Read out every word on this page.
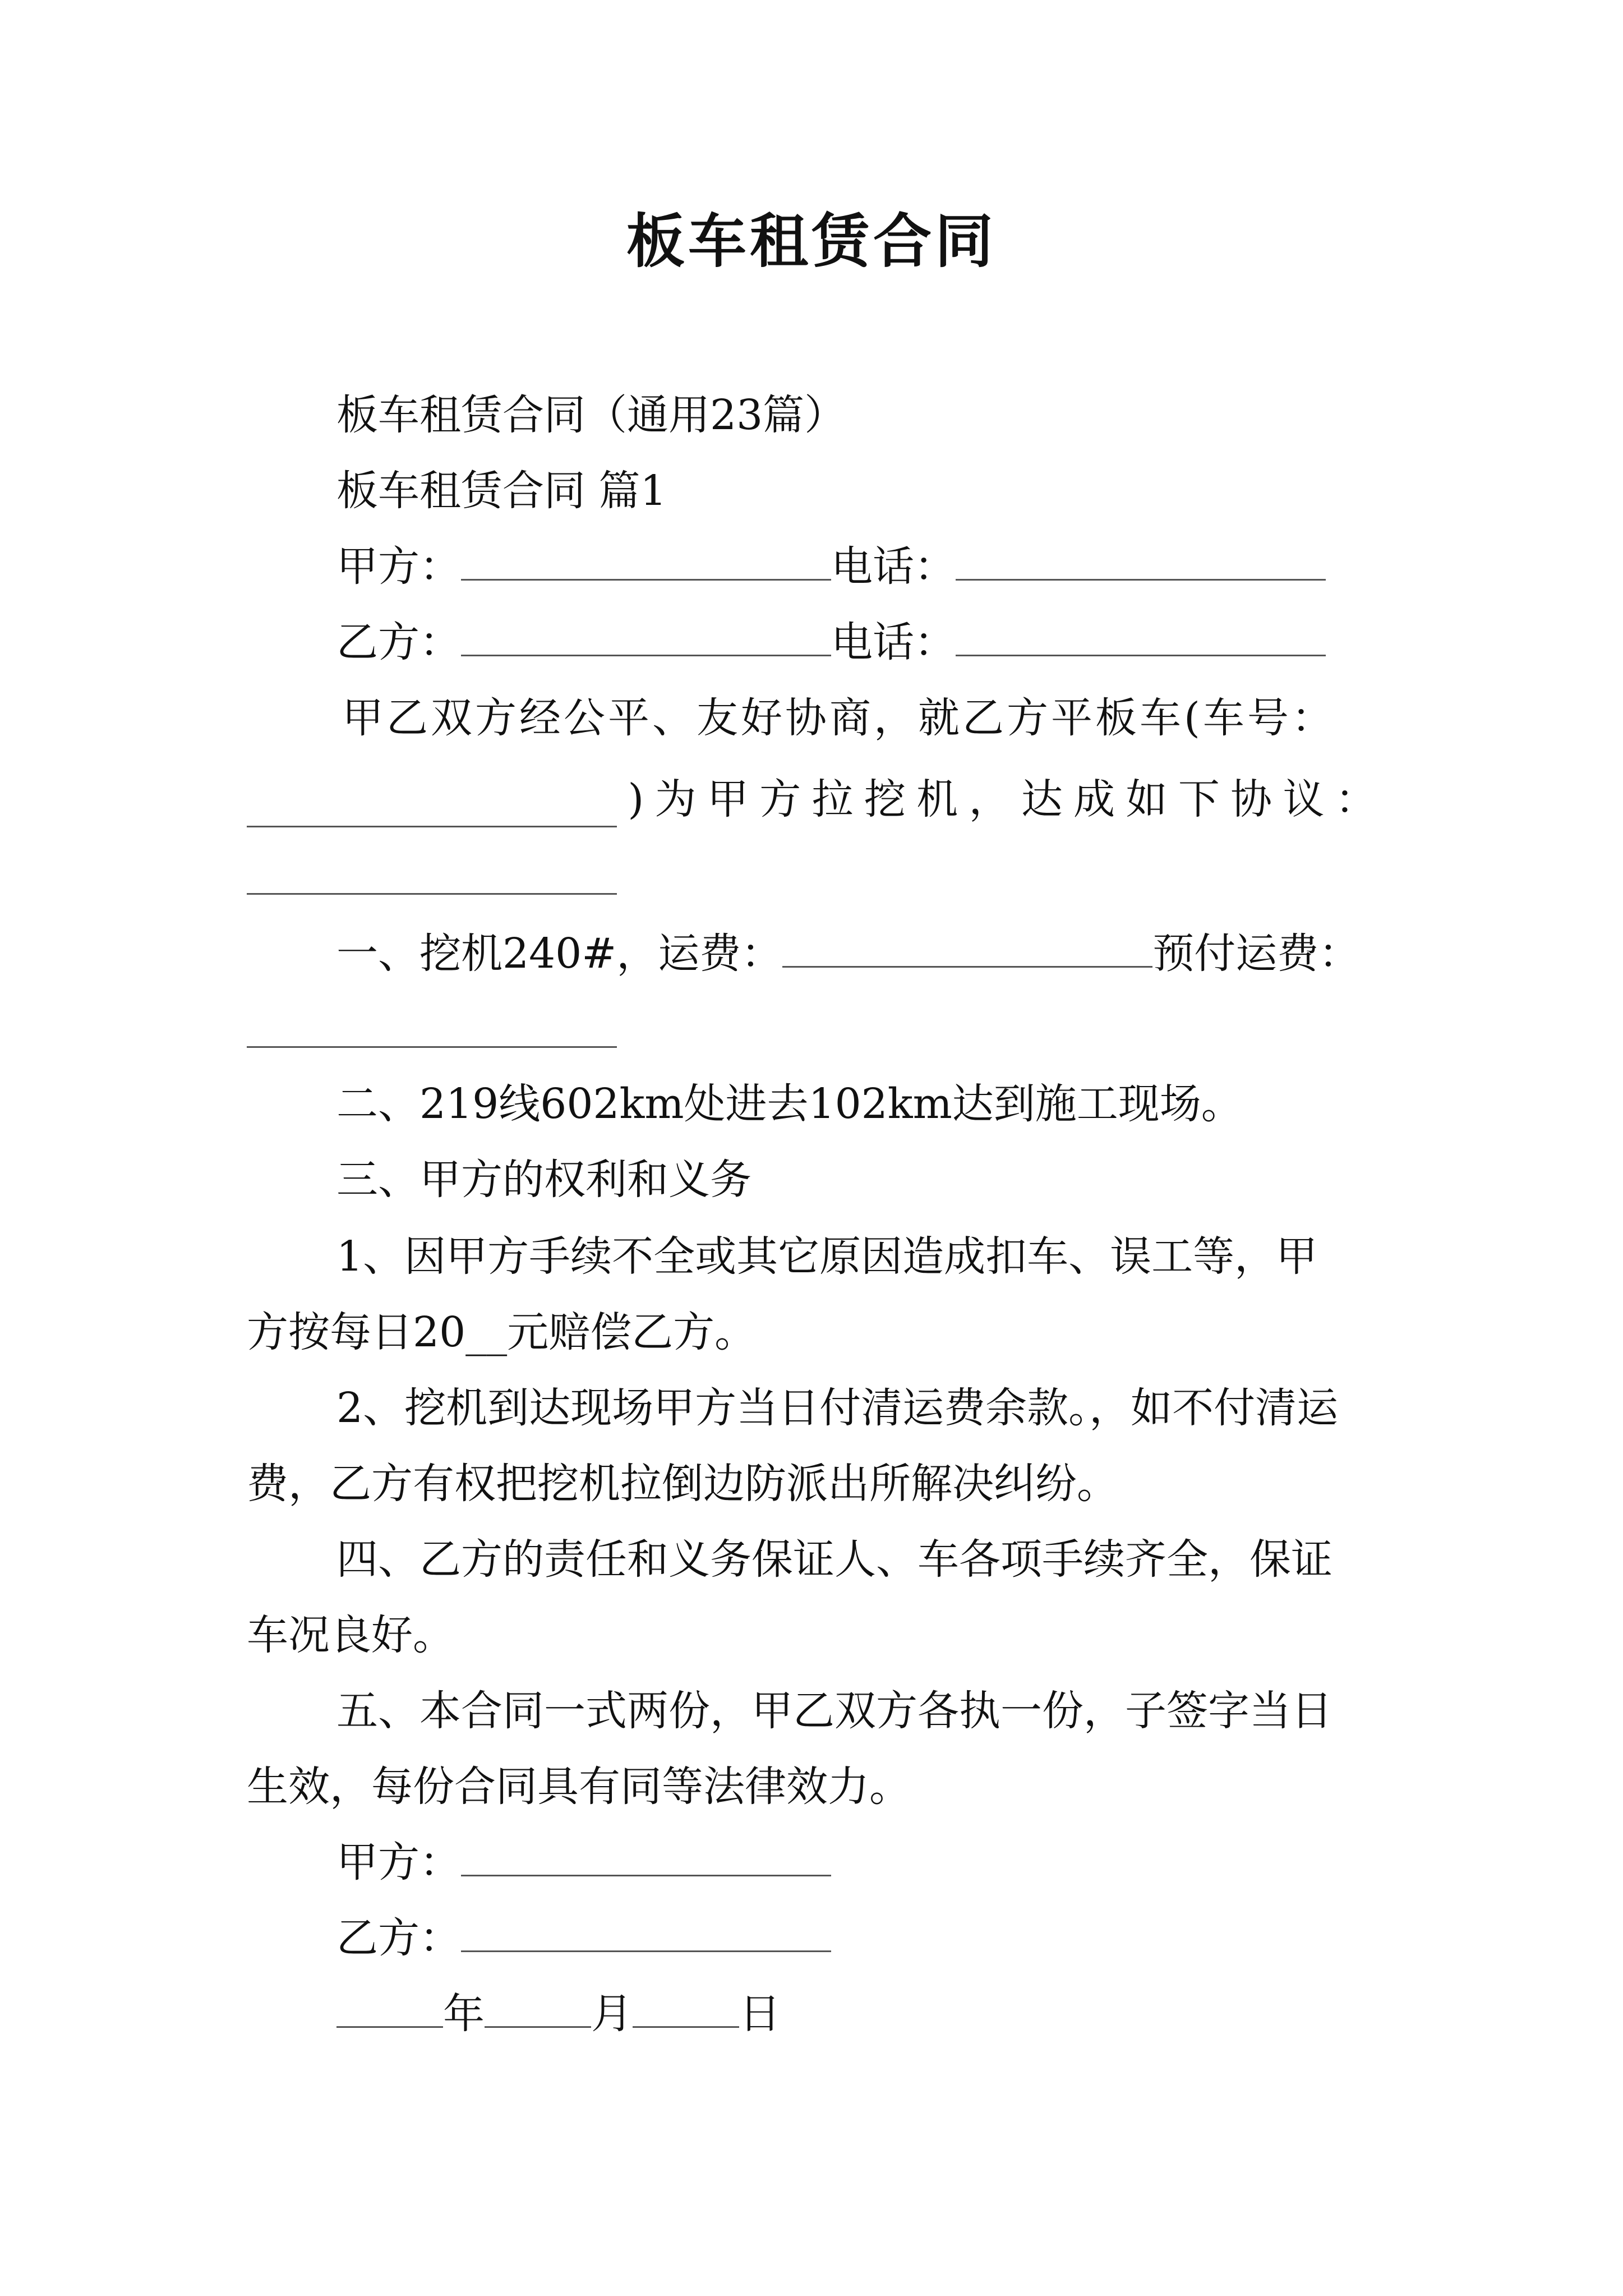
板车租赁合同
板车租赁合同（通用23篇）
板车租赁合同 篇1
甲方：	电话：
乙方：	电话：
甲乙双方经公平、友好协商，就乙方平板车(车号：
) 为 甲 方 拉 挖 机 ， 达 成 如 下 协 议 ：
一、挖机240#，运费：	预付运费：
二、219线602km处进去102km达到施工现场。
三、甲方的权利和义务
1、因甲方手续不全或其它原因造成扣车、误工等，甲
方按每日20__元赔偿乙方。
2、挖机到达现场甲方当日付清运费余款。，如不付清运
费，乙方有权把挖机拉倒边防派出所解决纠纷。
四、乙方的责任和义务保证人、车各项手续齐全，保证
车况良好。
五、本合同一式两份，甲乙双方各执一份，子签字当日
生效，每份合同具有同等法律效力。
甲方：
乙方：
年	月	日
